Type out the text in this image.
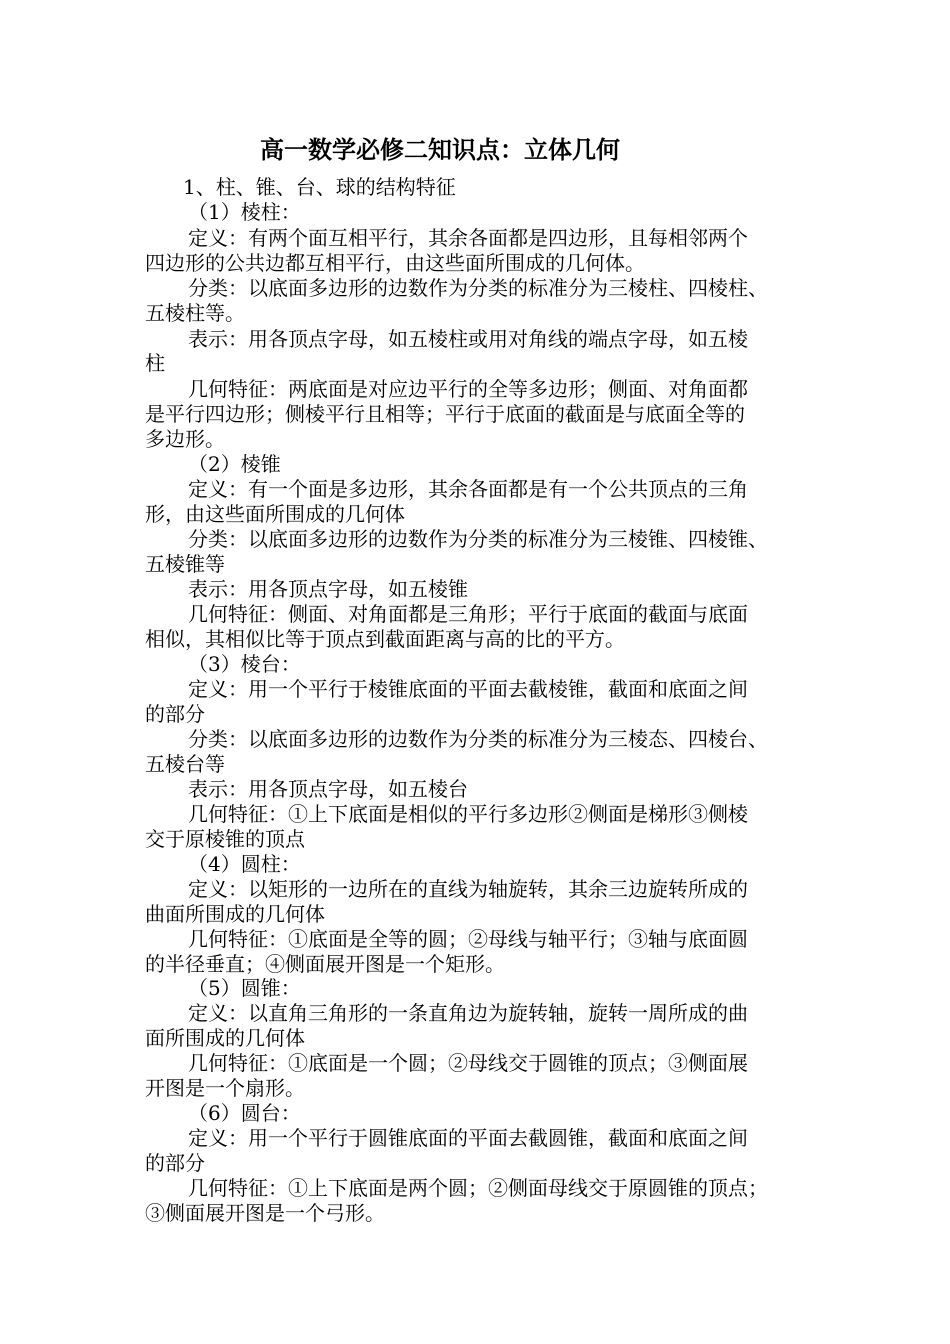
高一数学必修二知识点：立体几何
1、柱、锥、台、球的结构特征
（1）棱柱：
定义：有两个面互相平行，其余各面都是四边形，且每相邻两个
四边形的公共边都互相平行，由这些面所围成的几何体。
分类：以底面多边形的边数作为分类的标准分为三棱柱、四棱柱、
五棱柱等。
表示：用各顶点字母，如五棱柱或用对角线的端点字母，如五棱
柱
几何特征：两底面是对应边平行的全等多边形；侧面、对角面都
是平行四边形；侧棱平行且相等；平行于底面的截面是与底面全等的
多边形。
（2）棱锥
定义：有一个面是多边形，其余各面都是有一个公共顶点的三角
形，由这些面所围成的几何体
分类：以底面多边形的边数作为分类的标准分为三棱锥、四棱锥、
五棱锥等
表示：用各顶点字母，如五棱锥
几何特征：侧面、对角面都是三角形；平行于底面的截面与底面
相似，其相似比等于顶点到截面距离与高的比的平方。
（3）棱台：
定义：用一个平行于棱锥底面的平面去截棱锥，截面和底面之间
的部分
分类：以底面多边形的边数作为分类的标准分为三棱态、四棱台、
五棱台等
表示：用各顶点字母，如五棱台
几何特征：①上下底面是相似的平行多边形②侧面是梯形③侧棱
交于原棱锥的顶点
（4）圆柱：
定义：以矩形的一边所在的直线为轴旋转，其余三边旋转所成的
曲面所围成的几何体
几何特征：①底面是全等的圆；②母线与轴平行；③轴与底面圆
的半径垂直；④侧面展开图是一个矩形。
（5）圆锥：
定义：以直角三角形的一条直角边为旋转轴，旋转一周所成的曲
面所围成的几何体
几何特征：①底面是一个圆；②母线交于圆锥的顶点；③侧面展
开图是一个扇形。
（6）圆台：
定义：用一个平行于圆锥底面的平面去截圆锥，截面和底面之间
的部分
几何特征：①上下底面是两个圆；②侧面母线交于原圆锥的顶点；
③侧面展开图是一个弓形。
